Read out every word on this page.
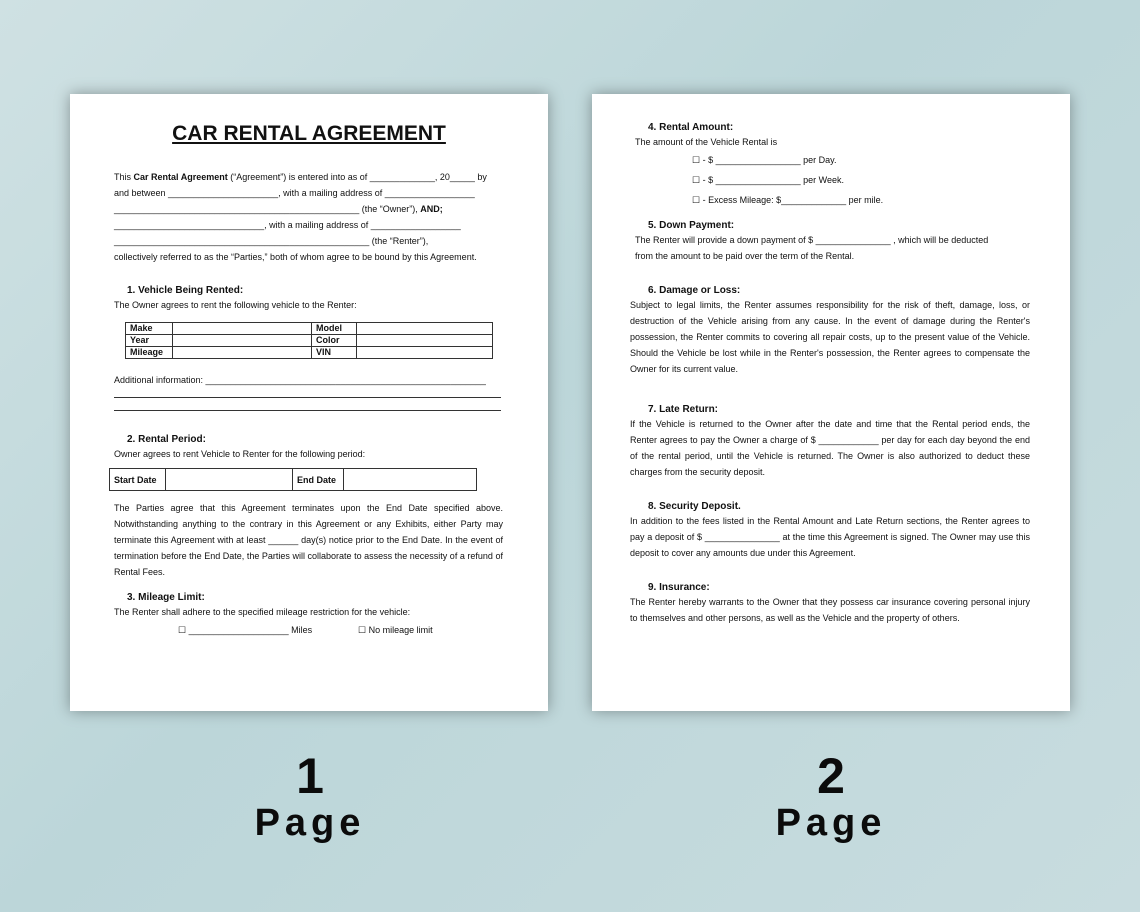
CAR RENTAL AGREEMENT
This Car Rental Agreement (“Agreement”) is entered into as of _____________, 20_____ by
and between ______________________, with a mailing address of __________________
_________________________________________________ (the “Owner”), AND;
______________________________, with a mailing address of __________________
___________________________________________________ (the “Renter”),
collectively referred to as the “Parties,” both of whom agree to be bound by this Agreement.
1. Vehicle Being Rented:
The Owner agrees to rent the following vehicle to the Renter:
Make		Model	
Year		Color	
Mileage		VIN	
Additional information: ________________________________________________________
2. Rental Period:
Owner agrees to rent Vehicle to Renter for the following period:
Start Date		End Date	
The Parties agree that this Agreement terminates upon the End Date specified above. Notwithstanding anything to the contrary in this Agreement or any Exhibits, either Party may terminate this Agreement with at least ______ day(s) notice prior to the End Date. In the event of termination before the End Date, the Parties will collaborate to assess the necessity of a refund of Rental Fees.
3. Mileage Limit:
The Renter shall adhere to the specified mileage restriction for the vehicle:
☐ ____________________ Miles	☐ No mileage limit
4. Rental Amount:
The amount of the Vehicle Rental is
☐ - $ _________________ per Day.
☐ - $ _________________ per Week.
☐ - Excess Mileage: $_____________ per mile.
5. Down Payment:
The Renter will provide a down payment of $ _______________ , which will be deducted
from the amount to be paid over the term of the Rental.
6. Damage or Loss:
Subject to legal limits, the Renter assumes responsibility for the risk of theft, damage, loss, or destruction of the Vehicle arising from any cause. In the event of damage during the Renter's possession, the Renter commits to covering all repair costs, up to the present value of the Vehicle. Should the Vehicle be lost while in the Renter's possession, the Renter agrees to compensate the Owner for its current value.
7. Late Return:
If the Vehicle is returned to the Owner after the date and time that the Rental period ends, the Renter agrees to pay the Owner a charge of $ ____________ per day for each day beyond the end of the rental period, until the Vehicle is returned. The Owner is also authorized to deduct these charges from the security deposit.
8. Security Deposit.
In addition to the fees listed in the Rental Amount and Late Return sections, the Renter agrees to pay a deposit of $ _______________ at the time this Agreement is signed. The Owner may use this deposit to cover any amounts due under this Agreement.
9. Insurance:
The Renter hereby warrants to the Owner that they possess car insurance covering personal injury to themselves and other persons, as well as the Vehicle and the property of others.
1
Page
2
Page
